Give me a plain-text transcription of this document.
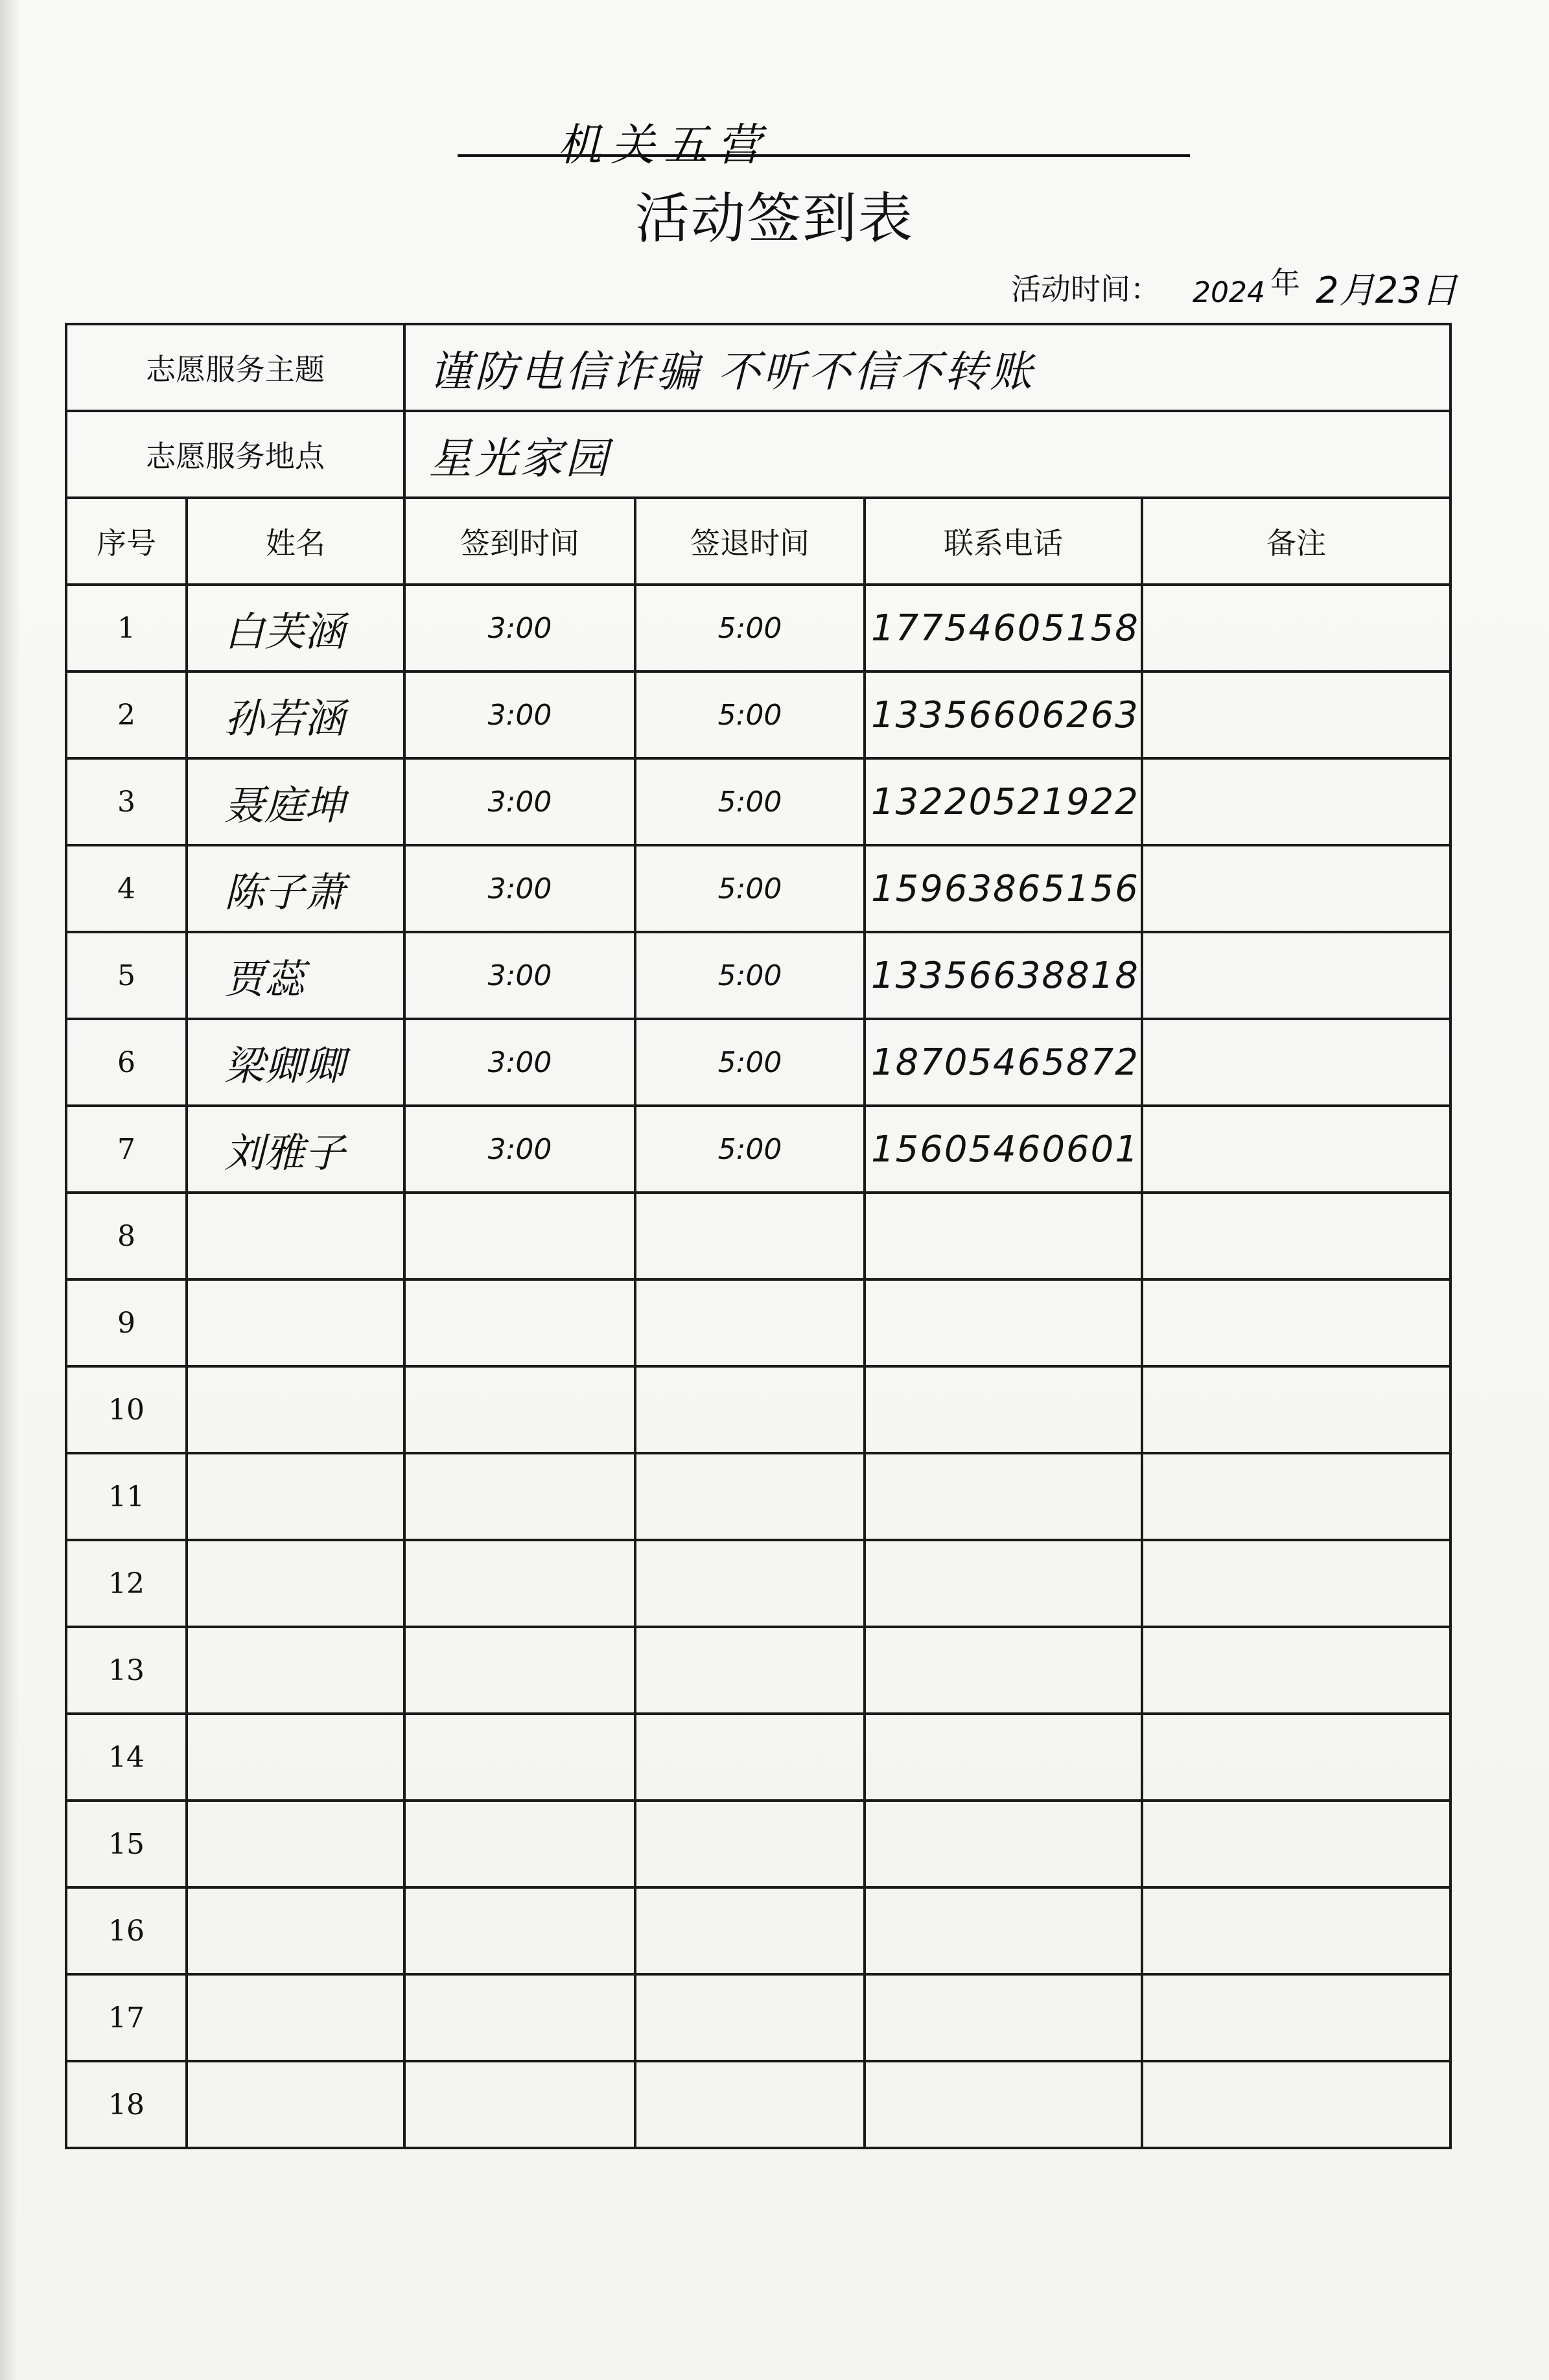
机关五营
活动签到表
活动时间： 2024 年 2月23日
志愿服务主题		谨防电信诈骗 不听不信不转账			
志愿服务地点		星光家园			
序号	姓名	签到时间	签退时间	联系电话	备注
1	白芙涵	3:00	5:00	17754605158	
2	孙若涵	3:00	5:00	13356606263	
3	聂庭坤	3:00	5:00	13220521922	
4	陈子萧	3:00	5:00	15963865156	
5	贾蕊	3:00	5:00	13356638818	
6	梁卿卿	3:00	5:00	18705465872	
7	刘雅子	3:00	5:00	15605460601	
8					
9					
10					
11					
12					
13					
14					
15					
16					
17					
18					
